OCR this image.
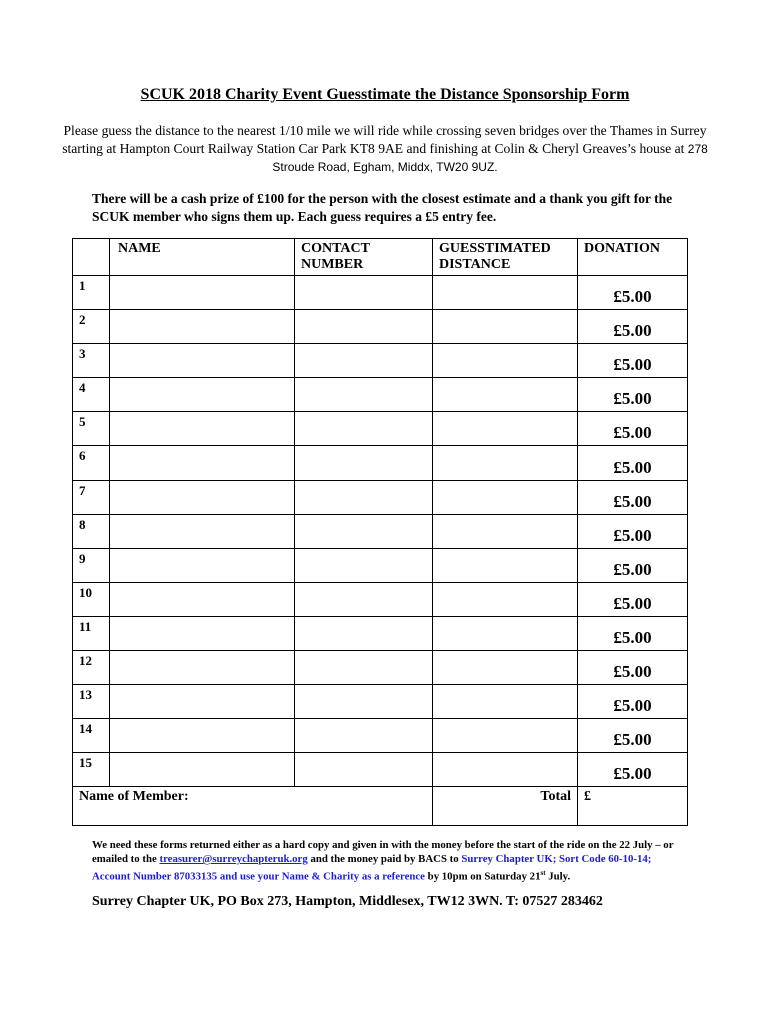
SCUK 2018 Charity Event Guesstimate the Distance Sponsorship Form

Please guess the distance to the nearest 1/10 mile we will ride while crossing seven bridges over the Thames in Surrey starting at Hampton Court Railway Station Car Park KT8 9AE and finishing at Colin & Cheryl Greaves’s house at 278 Stroude Road, Egham, Middx, TW20 9UZ.

There will be a cash prize of £100 for the person with the closest estimate and a thank you gift for the SCUK member who signs them up. Each guess requires a £5 entry fee.

	NAME	CONTACT NUMBER	GUESSTIMATED DISTANCE	DONATION
1				£5.00
2				£5.00
3				£5.00
4				£5.00
5				£5.00
6				£5.00
7				£5.00
8				£5.00
9				£5.00
10				£5.00
11				£5.00
12				£5.00
13				£5.00
14				£5.00
15				£5.00
Name of Member:			Total	£

We need these forms returned either as a hard copy and given in with the money before the start of the ride on the 22 July – or emailed to the treasurer@surreychapteruk.org and the money paid by BACS to Surrey Chapter UK; Sort Code 60-10-14; Account Number 87033135 and use your Name & Charity as a reference by 10pm on Saturday 21st July.

Surrey Chapter UK, PO Box 273, Hampton, Middlesex, TW12 3WN. T: 07527 283462
